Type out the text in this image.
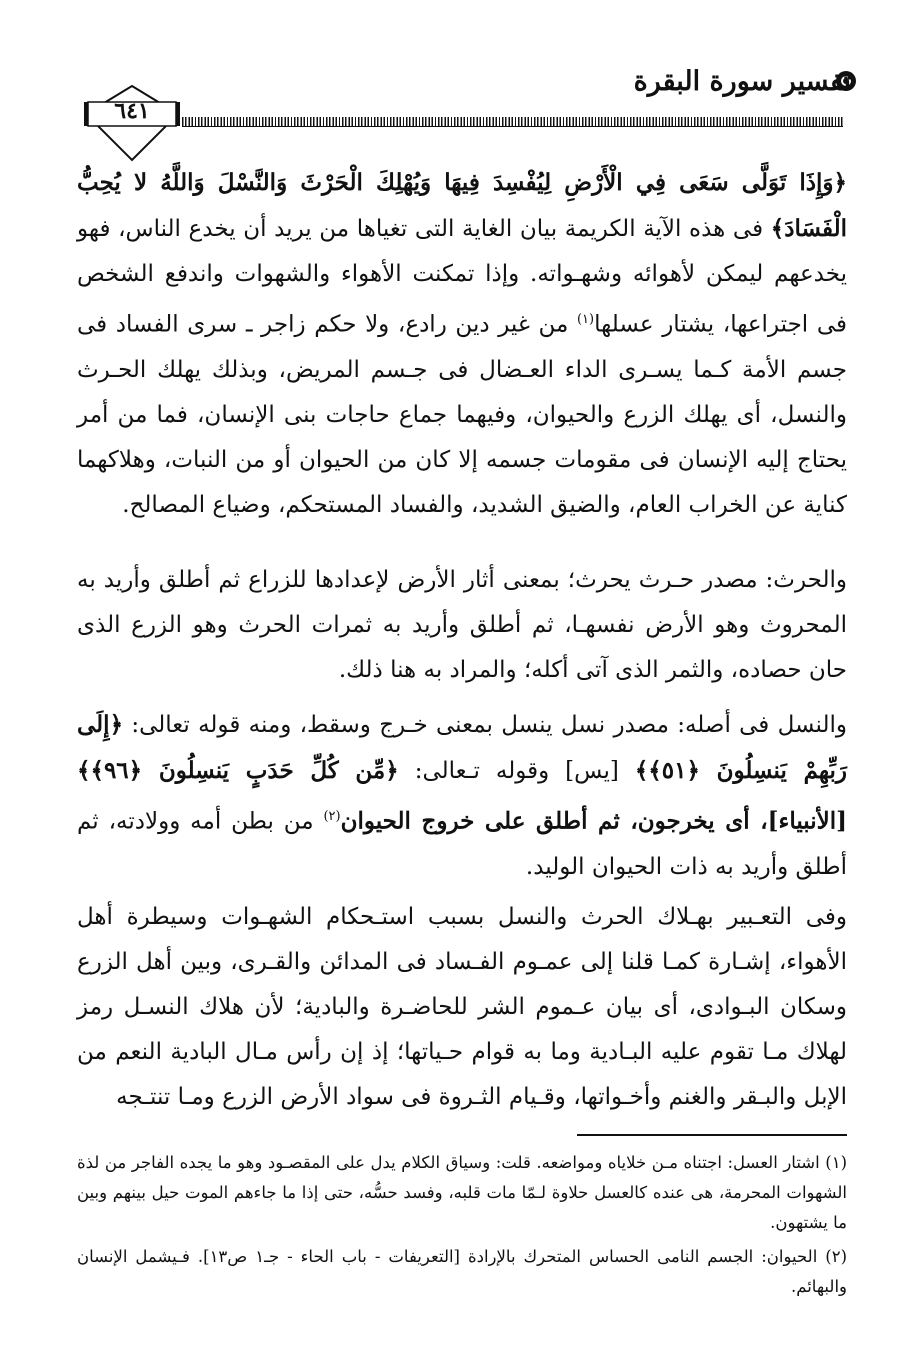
تفسير سورة البقرة
٦٤١

﴿وَإِذَا تَوَلَّى سَعَى فِي الْأَرْضِ لِيُفْسِدَ فِيهَا وَيُهْلِكَ الْحَرْثَ وَالنَّسْلَ وَاللَّهُ لا يُحِبُّ الْفَسَادَ﴾ فى هذه الآية الكريمة بيان الغاية التى تغياها من يريد أن يخدع الناس، فهو يخدعهم ليمكن لأهوائه وشهـواته. وإذا تمكنت الأهواء والشهوات واندفع الشخص فى اجتراعها، يشتار عسلها$^{(١)}$ من غير دين رادع، ولا حكم زاجر ـ سرى الفساد فى جسم الأمة كـما يسـرى الداء العـضال فى جـسم المريض، وبذلك يهلك الحـرث والنسل، أى يهلك الزرع والحيوان، وفيهما جماع حاجات بنى الإنسان، فما من أمر يحتاج إليه الإنسان فى مقومات جسمه إلا كان من الحيوان أو من النبات، وهلاكهما كناية عن الخراب العام، والضيق الشديد، والفساد المستحكم، وضياع المصالح.

والحرث: مصدر حـرث يحرث؛ بمعنى أثار الأرض لإعدادها للزراع ثم أطلق وأريد به المحروث وهو الأرض نفسهـا، ثم أطلق وأريد به ثمرات الحرث وهو الزرع الذى حان حصاده، والثمر الذى آتى أكله؛ والمراد به هنا ذلك.

والنسل فى أصله: مصدر نسل ينسل بمعنى خـرج وسقط، ومنه قوله تعالى: ﴿إِلَى رَبِّهِمْ يَنسِلُونَ ﴿٥١﴾﴾ [يس] وقوله تـعالى: ﴿مِّن كُلِّ حَدَبٍ يَنسِلُونَ ﴿٩٦﴾﴾ [الأنبياء]، أى يخرجون، ثم أطلق على خروج الحيوان$^{(٢)}$ من بطن أمه وولادته، ثم أطلق وأريد به ذات الحيوان الوليد.

وفى التعـبير بهـلاك الحرث والنسل بسبب استـحكام الشهـوات وسيطرة أهل الأهواء، إشـارة كمـا قلنا إلى عمـوم الفـساد فى المدائن والقـرى، وبين أهل الزرع وسكان البـوادى، أى بيان عـموم الشر للحاضـرة والبادية؛ لأن هلاك النسـل رمز لهلاك مـا تقوم عليه البـادية وما به قوام حـياتها؛ إذ إن رأس مـال البادية النعم من الإبل والبـقر والغنم وأخـواتها، وقـيام الثـروة فى سواد الأرض الزرع ومـا تنتـجه

(١) اشتار العسل: اجتناه مـن خلاياه ومواضعه. قلت: وسياق الكلام يدل على المقصـود وهو ما يجده الفاجر من لذة الشهوات المحرمة، هى عنده كالعسل حلاوة لـمّا مات قلبه، وفسد حسُّه، حتى إذا ما جاءهم الموت حيل بينهم وبين ما يشتهون.

(٢) الحيوان: الجسم النامى الحساس المتحرك بالإرادة [التعريفات - باب الحاء - جـ١ ص١٣]. فـيشمل الإنسان والبهائم.
